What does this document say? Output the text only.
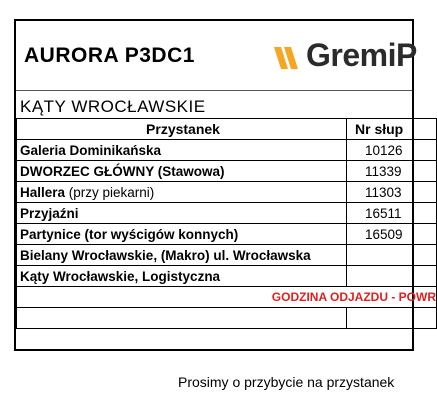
AURORA P3DC1	GremiP
KĄTY WROCŁAWSKIE
Przystanek	Nr słup
Galeria Dominikańska	10126
DWORZEC GŁÓWNY (Stawowa)	11339
Hallera (przy piekarni)	11303
Przyjaźni	16511
Partynice (tor wyścigów konnych)	16509
Bielany Wrocławskie, (Makro) ul. Wrocławska	
Kąty Wrocławskie, Logistyczna	
GODZINA ODJAZDU - POWR	

Prosimy o przybycie na przystanek
